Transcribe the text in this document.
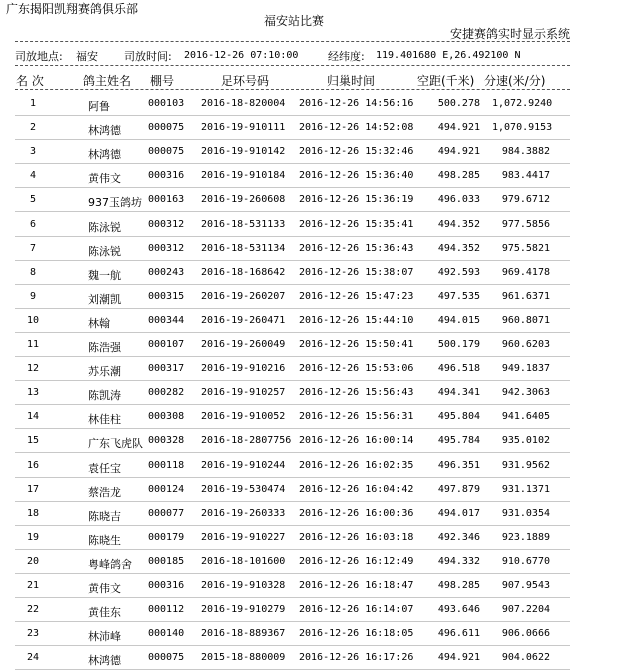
广东揭阳凯翔赛鸽俱乐部
福安站比赛
安捷赛鸽实时显示系统
司放地点: 福安 司放时间: 2016-12-26 07:10:00	经纬度: 119.401680 E,26.492100 N
名 次	鸽主姓名 棚号	足环号码	归巢时间	空距(千米) 分速(米/分)
1	阿鲁	000103 2016-18-820004 2016-12-26 14:56:16	500.278 1,072.9240
2	林鸿德	000075 2016-19-910111 2016-12-26 14:52:08	494.921 1,070.9153
3	林鸿德	000075 2016-19-910142 2016-12-26 15:32:46	494.921	984.3882
4	黄伟文	000316 2016-19-910184 2016-12-26 15:36:40	498.285	983.4417
5	937玉鸽坊 000163 2016-19-260608 2016-12-26 15:36:19	496.033	979.6712
6	陈泳锐	000312 2016-18-531133 2016-12-26 15:35:41	494.352	977.5856
7	陈泳锐	000312 2016-18-531134 2016-12-26 15:36:43	494.352	975.5821
8	魏一航	000243 2016-18-168642 2016-12-26 15:38:07	492.593	969.4178
9	刘潮凯	000315 2016-19-260207 2016-12-26 15:47:23	497.535	961.6371
10	林翰	000344 2016-19-260471 2016-12-26 15:44:10	494.015	960.8071
11	陈浩强	000107 2016-19-260049 2016-12-26 15:50:41	500.179	960.6203
12	苏乐潮	000317 2016-19-910216 2016-12-26 15:53:06	496.518	949.1837
13	陈凯涛	000282 2016-19-910257 2016-12-26 15:56:43	494.341	942.3063
14	林佳柱	000308 2016-19-910052 2016-12-26 15:56:31	495.804	941.6405
15	广东飞虎队 000328 2016-18-2807756 2016-12-26 16:00:14	495.784	935.0102
16	袁任宝	000118 2016-19-910244 2016-12-26 16:02:35	496.351	931.9562
17	蔡浩龙	000124 2016-19-530474 2016-12-26 16:04:42	497.879	931.1371
18	陈晓吉	000077 2016-19-260333 2016-12-26 16:00:36	494.017	931.0354
19	陈晓生	000179 2016-19-910227 2016-12-26 16:03:18	492.346	923.1889
20	粤峰鸽舍 000185 2016-18-101600 2016-12-26 16:12:49	494.332	910.6770
21	黄伟文	000316 2016-19-910328 2016-12-26 16:18:47	498.285	907.9543
22	黄佳东	000112 2016-19-910279 2016-12-26 16:14:07	493.646	907.2204
23	林沛峰	000140 2016-18-889367 2016-12-26 16:18:05	496.611	906.0666
24	林鸿德	000075 2015-18-880009 2016-12-26 16:17:26	494.921	904.0622
